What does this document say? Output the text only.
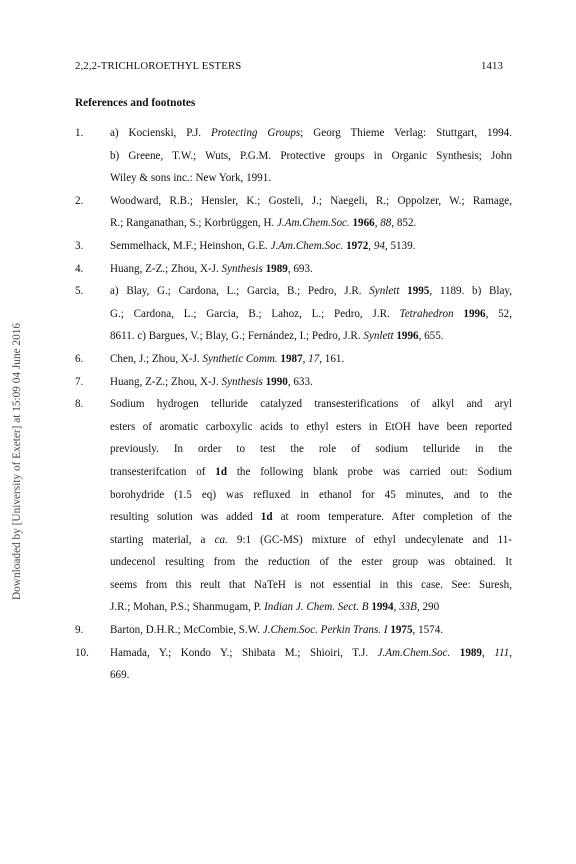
2,2,2-TRICHLOROETHYL ESTERS	1413
Downloaded by [University of Exeter] at 15:09 04 June 2016
References and footnotes
1. a) Kocienski, P.J. Protecting Groups; Georg Thieme Verlag: Stuttgart, 1994.
b) Greene, T.W.; Wuts, P.G.M. Protective groups in Organic Synthesis; John
Wiley & sons inc.: New York, 1991.
2. Woodward, R.B.; Hensler, K.; Gosteli, J.; Naegeli, R.; Oppolzer, W.; Ramage,
R.; Ranganathan, S.; Korbrüggen, H. J.Am.Chem.Soc. 1966, 88, 852.
3. Semmelhack, M.F.; Heinshon, G.E. J.Am.Chem.Soc. 1972, 94, 5139.
4. Huang, Z-Z.; Zhou, X-J. Synthesis 1989, 693.
5. a) Blay, G.; Cardona, L.; Garcia, B.; Pedro, J.R. Synlett 1995, 1189. b) Blay,
G.; Cardona, L.; Garcia, B.; Lahoz, L.; Pedro, J.R. Tetrahedron 1996, 52,
8611. c) Bargues, V.; Blay, G.; Fernández, I.; Pedro, J.R. Synlett 1996, 655.
6. Chen, J.; Zhou, X-J. Synthetic Comm. 1987, 17, 161.
7. Huang, Z-Z.; Zhou, X-J. Synthesis 1990, 633.
8. Sodium hydrogen telluride catalyzed transesterifications of alkyl and aryl
esters of aromatic carboxylic acids to ethyl esters in EtOH have been reported
previously. In order to test the role of sodium telluride in the
transesterifcation of 1d the following blank probe was carried out: Sodium
borohydride (1.5 eq) was refluxed in ethanol for 45 minutes, and to the
resulting solution was added 1d at room temperature. After completion of the
starting material, a ca. 9:1 (GC-MS) mixture of ethyl undecylenate and 11-
undecenol resulting from the reduction of the ester group was obtained. It
seems from this reult that NaTeH is not essential in this case. See: Suresh,
J.R.; Mohan, P.S.; Shanmugam, P. Indian J. Chem. Sect. B 1994, 33B, 290
9. Barton, D.H.R.; McCombie, S.W. J.Chem.Soc. Perkin Trans. I 1975, 1574.
10. Hamada, Y.; Kondo Y.; Shibata M.; Shioiri, T.J. J.Am.Chem.Soc. 1989, 111,
669.
